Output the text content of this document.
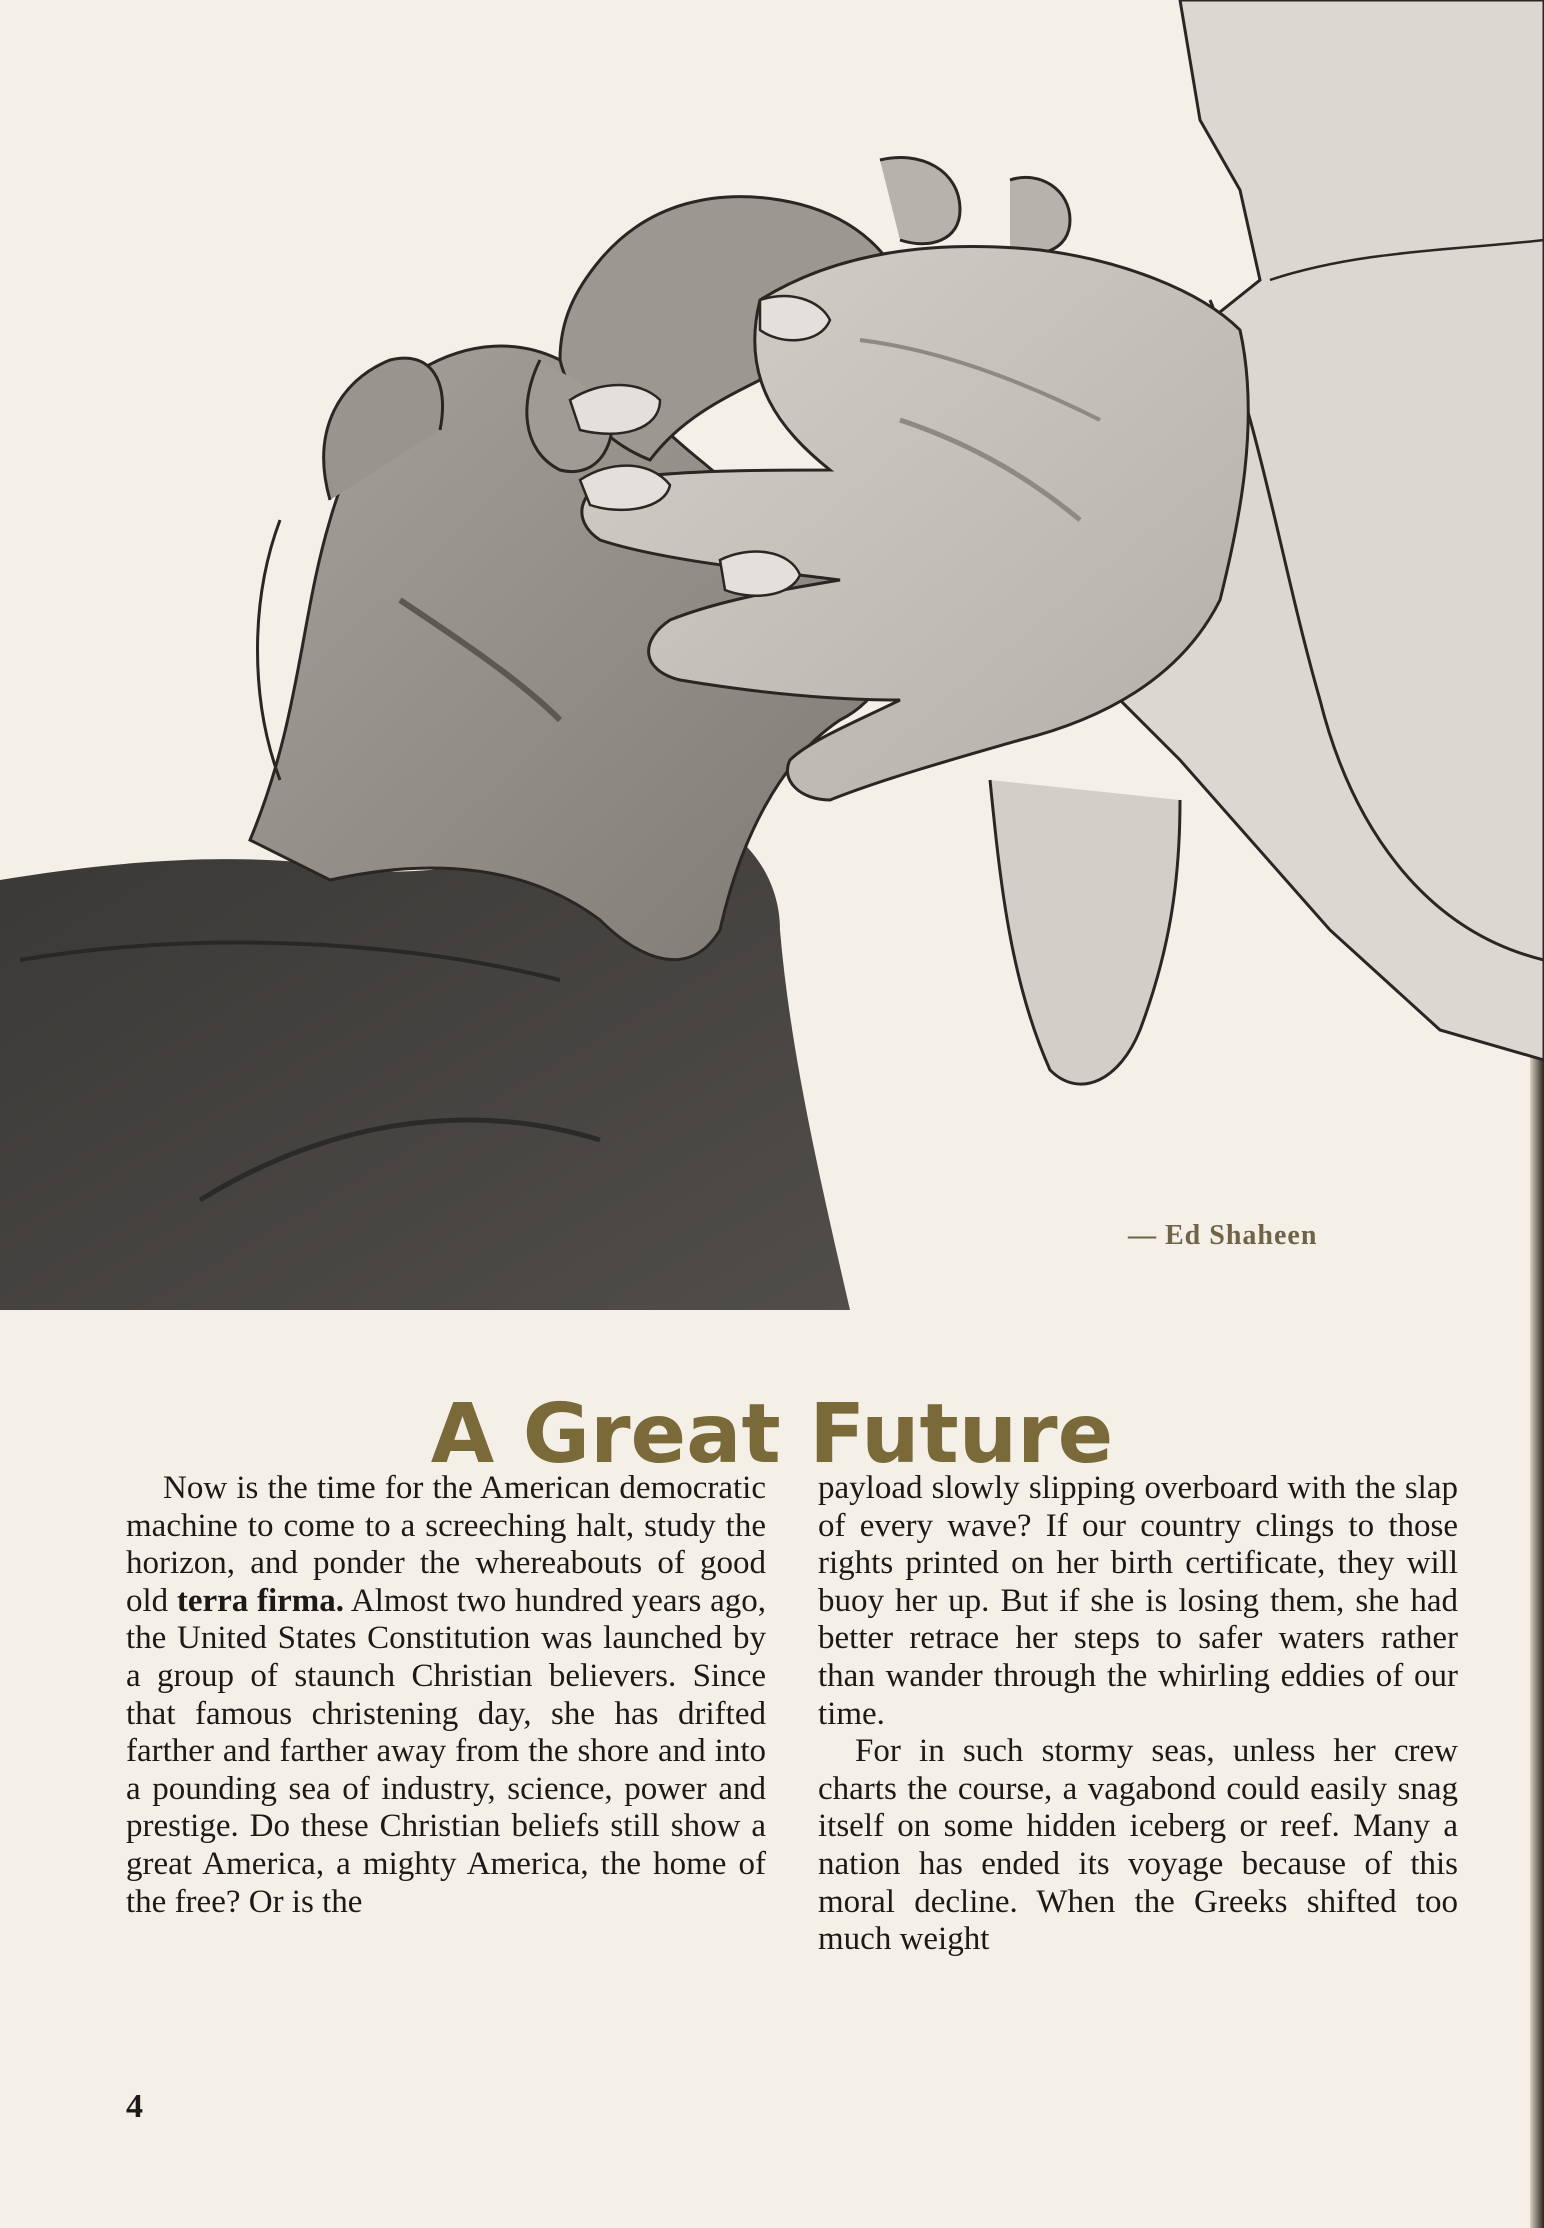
— Ed Shaheen
A Great Future

Now is the time for the American democratic machine to come to a screeching halt, study the horizon, and ponder the whereabouts of good old terra firma. Almost two hundred years ago, the United States Constitution was launched by a group of staunch Christian believers. Since that famous christening day, she has drifted farther and farther away from the shore and into a pounding sea of industry, science, power and prestige. Do these Christian beliefs still show a great America, a mighty America, the home of the free? Or is the

payload slowly slipping overboard with the slap of every wave? If our country clings to those rights printed on her birth certificate, they will buoy her up. But if she is losing them, she had better retrace her steps to safer waters rather than wander through the whirling eddies of our time.

For in such stormy seas, unless her crew charts the course, a vagabond could easily snag itself on some hidden iceberg or reef. Many a nation has ended its voyage because of this moral decline. When the Greeks shifted too much weight

4
